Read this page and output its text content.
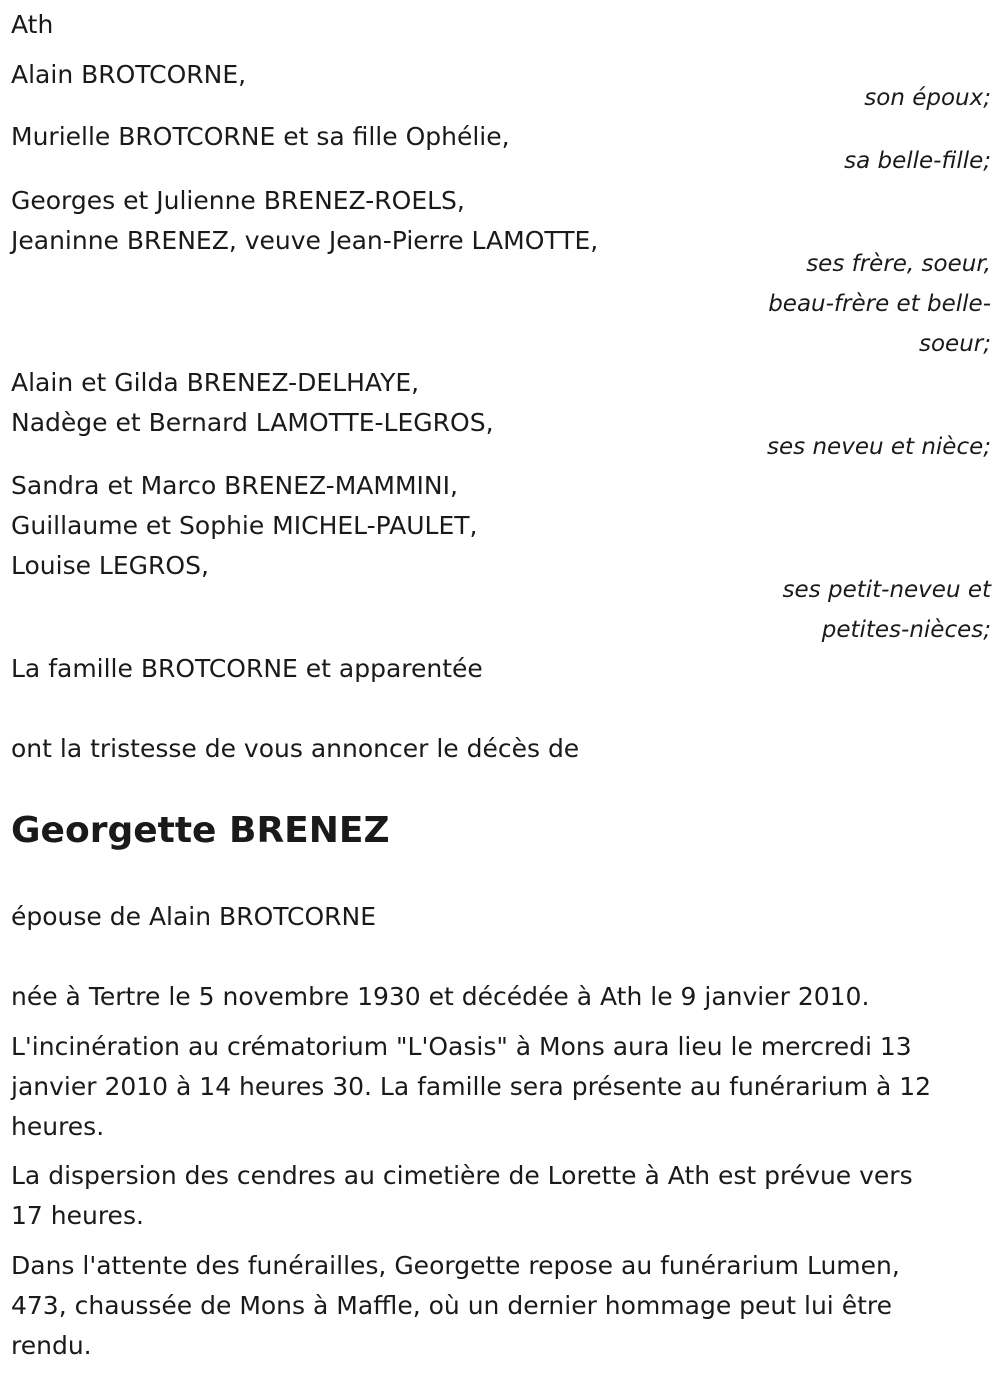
Ath

Alain BROTCORNE,

son époux;

Murielle BROTCORNE et sa fille Ophélie,

sa belle-fille;

Georges et Julienne BRENEZ-ROELS,

Jeaninne BRENEZ, veuve Jean-Pierre LAMOTTE,

ses frère, soeur,

beau-frère et belle-

soeur;

Alain et Gilda BRENEZ-DELHAYE,

Nadège et Bernard LAMOTTE-LEGROS,

ses neveu et nièce;

Sandra et Marco BRENEZ-MAMMINI,

Guillaume et Sophie MICHEL-PAULET,

Louise LEGROS,

ses petit-neveu et

petites-nièces;

La famille BROTCORNE et apparentée

ont la tristesse de vous annoncer le décès de

Georgette BRENEZ

épouse de Alain BROTCORNE

née à Tertre le 5 novembre 1930 et décédée à Ath le 9 janvier 2010.

L'incinération au crématorium "L'Oasis" à Mons aura lieu le mercredi 13

janvier 2010 à 14 heures 30. La famille sera présente au funérarium à 12

heures.

La dispersion des cendres au cimetière de Lorette à Ath est prévue vers

17 heures.

Dans l'attente des funérailles, Georgette repose au funérarium Lumen,

473, chaussée de Mons à Maffle, où un dernier hommage peut lui être

rendu.
